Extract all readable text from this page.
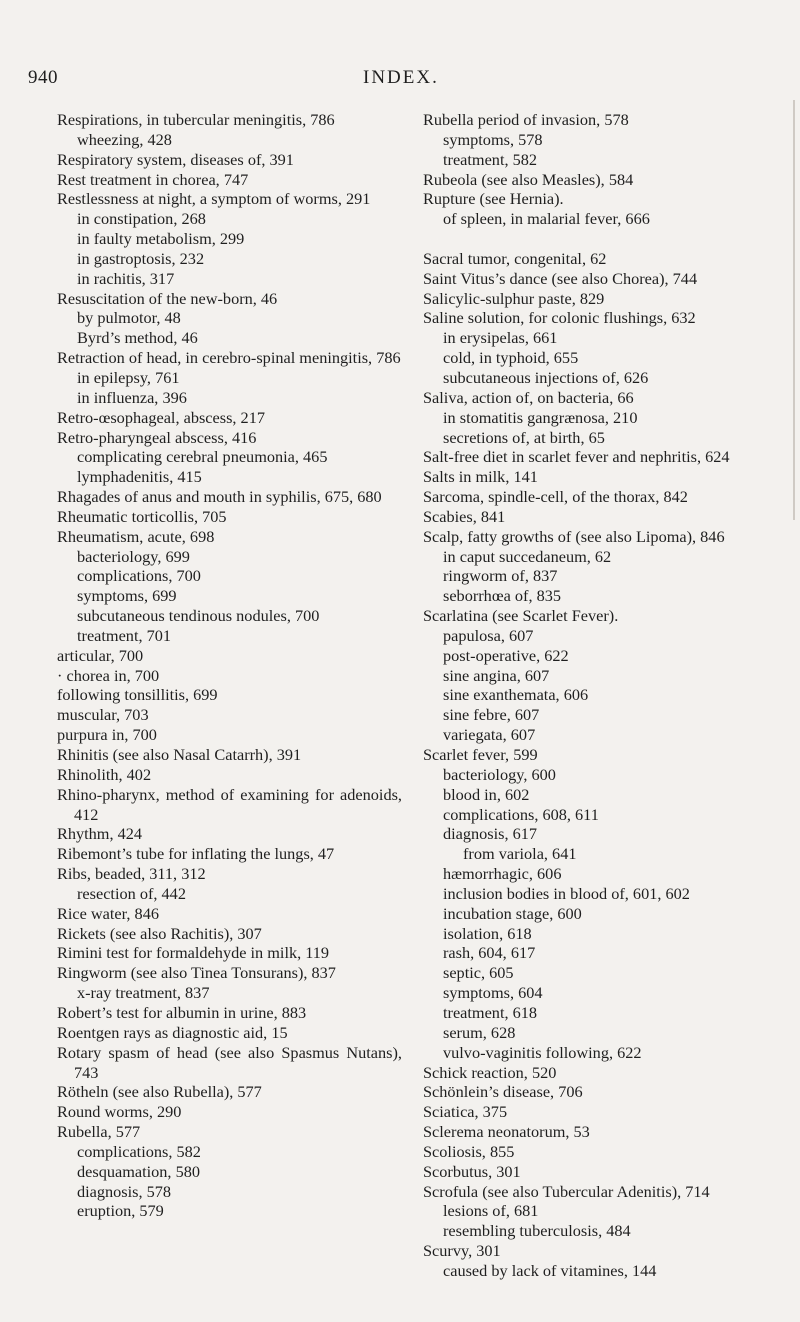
940	INDEX.
Respirations, in tubercular meningitis, 786
wheezing, 428
Respiratory system, diseases of, 391
Rest treatment in chorea, 747
Restlessness at night, a symptom of worms, 291
in constipation, 268
in faulty metabolism, 299
in gastroptosis, 232
in rachitis, 317
Resuscitation of the new-born, 46
by pulmotor, 48
Byrd’s method, 46
Retraction of head, in cerebro-spinal meningitis, 786
in epilepsy, 761
in influenza, 396
Retro-œsophageal, abscess, 217
Retro-pharyngeal abscess, 416
complicating cerebral pneumonia, 465
lymphadenitis, 415
Rhagades of anus and mouth in syphilis, 675, 680
Rheumatic torticollis, 705
Rheumatism, acute, 698
bacteriology, 699
complications, 700
symptoms, 699
subcutaneous tendinous nodules, 700
treatment, 701
articular, 700
· chorea in, 700
following tonsillitis, 699
muscular, 703
purpura in, 700
Rhinitis (see also Nasal Catarrh), 391
Rhinolith, 402
Rhino-pharynx, method of examining for adenoids, 412
Rhythm, 424
Ribemont’s tube for inflating the lungs, 47
Ribs, beaded, 311, 312
resection of, 442
Rice water, 846
Rickets (see also Rachitis), 307
Rimini test for formaldehyde in milk, 119
Ringworm (see also Tinea Tonsurans), 837
x-ray treatment, 837
Robert’s test for albumin in urine, 883
Roentgen rays as diagnostic aid, 15
Rotary spasm of head (see also Spasmus Nutans), 743
Rötheln (see also Rubella), 577
Round worms, 290
Rubella, 577
complications, 582
desquamation, 580
diagnosis, 578
eruption, 579
Rubella period of invasion, 578
symptoms, 578
treatment, 582
Rubeola (see also Measles), 584
Rupture (see Hernia).
of spleen, in malarial fever, 666
Sacral tumor, congenital, 62
Saint Vitus’s dance (see also Chorea), 744
Salicylic-sulphur paste, 829
Saline solution, for colonic flushings, 632
in erysipelas, 661
cold, in typhoid, 655
subcutaneous injections of, 626
Saliva, action of, on bacteria, 66
in stomatitis gangrænosa, 210
secretions of, at birth, 65
Salt-free diet in scarlet fever and nephritis, 624
Salts in milk, 141
Sarcoma, spindle-cell, of the thorax, 842
Scabies, 841
Scalp, fatty growths of (see also Lipoma), 846
in caput succedaneum, 62
ringworm of, 837
seborrhœa of, 835
Scarlatina (see Scarlet Fever).
papulosa, 607
post-operative, 622
sine angina, 607
sine exanthemata, 606
sine febre, 607
variegata, 607
Scarlet fever, 599
bacteriology, 600
blood in, 602
complications, 608, 611
diagnosis, 617
from variola, 641
hæmorrhagic, 606
inclusion bodies in blood of, 601, 602
incubation stage, 600
isolation, 618
rash, 604, 617
septic, 605
symptoms, 604
treatment, 618
serum, 628
vulvo-vaginitis following, 622
Schick reaction, 520
Schönlein’s disease, 706
Sciatica, 375
Sclerema neonatorum, 53
Scoliosis, 855
Scorbutus, 301
Scrofula (see also Tubercular Adenitis), 714
lesions of, 681
resembling tuberculosis, 484
Scurvy, 301
caused by lack of vitamines, 144
